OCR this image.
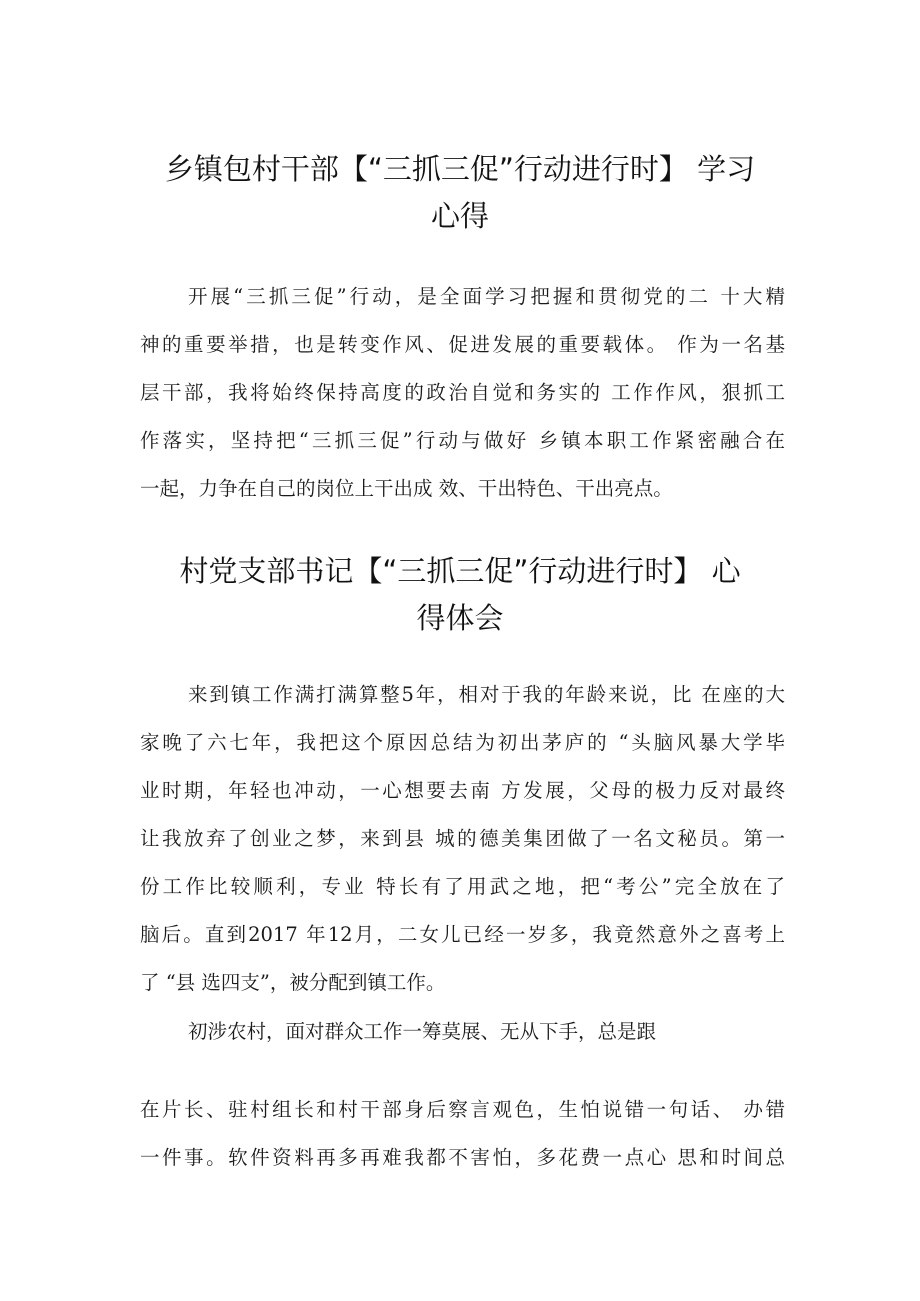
乡镇包村干部【“三抓三促”行动进行时】 学习
心得
开展“三抓三促”行动，是全面学习把握和贯彻党的二 十大精
神的重要举措，也是转变作风、促进发展的重要载体。 作为一名基
层干部，我将始终保持高度的政治自觉和务实的 工作作风，狠抓工
作落实，坚持把“三抓三促”行动与做好 乡镇本职工作紧密融合在
一起，力争在自己的岗位上干出成 效、干出特色、干出亮点。
村党支部书记【“三抓三促”行动进行时】 心
得体会
来到镇工作满打满算整5年，相对于我的年龄来说，比 在座的大
家晚了六七年，我把这个原因总结为初出茅庐的 “头脑风暴大学毕
业时期，年轻也冲动，一心想要去南 方发展，父母的极力反对最终
让我放弃了创业之梦，来到县 城的德美集团做了一名文秘员。第一
份工作比较顺利，专业 特长有了用武之地，把“考公”完全放在了
脑后。直到2017 年12月，二女儿已经一岁多，我竟然意外之喜考上
了 “县 选四支”，被分配到镇工作。
初涉农村，面对群众工作一筹莫展、无从下手，总是跟
在片长、驻村组长和村干部身后察言观色，生怕说错一句话、 办错
一件事。软件资料再多再难我都不害怕，多花费一点心 思和时间总
